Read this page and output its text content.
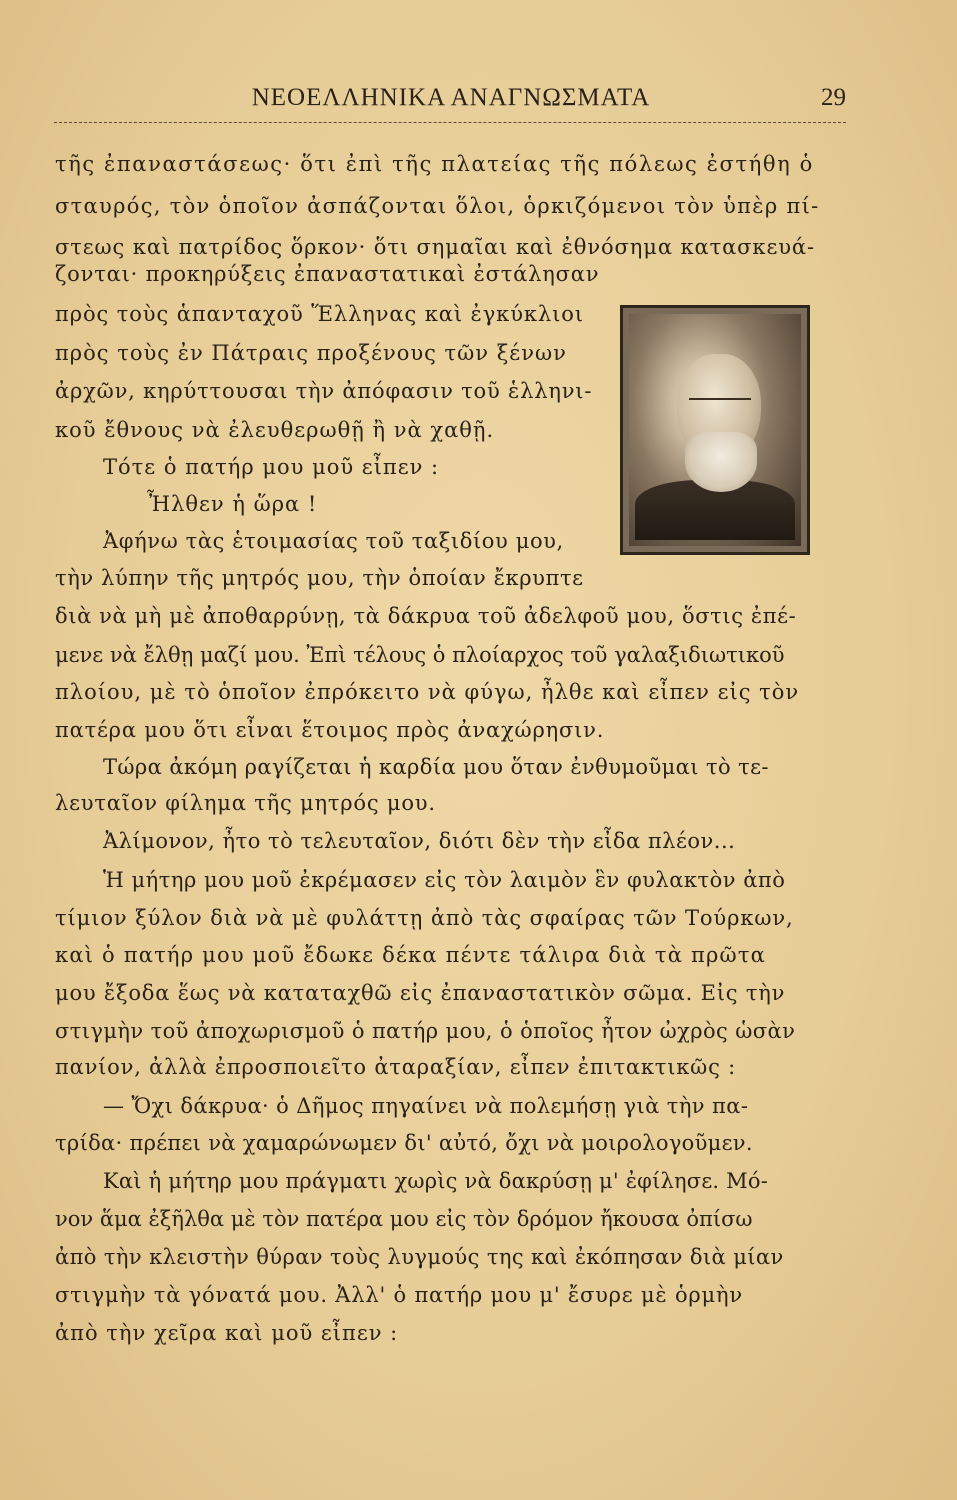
ΝΕΟΕΛΛΗΝΙΚΑ ΑΝΑΓΝΩΣΜΑΤΑ	29
τῆς ἐπαναστάσεως· ὅτι ἐπὶ τῆς πλατείας τῆς πόλεως ἐστήθη ὁ
σταυρός, τὸν ὁποῖον ἀσπάζονται ὅλοι, ὁρκιζόμενοι τὸν ὑπὲρ πί-
στεως καὶ πατρίδος ὅρκον· ὅτι σημαῖαι καὶ ἐθνόσημα κατασκευά-
ζονται· προκηρύξεις ἐπαναστατικαὶ ἐστάλησαν
πρὸς τοὺς ἁπανταχοῦ Ἕλληνας καὶ ἐγκύκλιοι
πρὸς τοὺς ἐν Πάτραις προξένους τῶν ξένων
ἀρχῶν, κηρύττουσαι τὴν ἀπόφασιν τοῦ ἑλληνι-
κοῦ ἔθνους νὰ ἐλευθερωθῇ ἢ νὰ χαθῇ.
Τότε ὁ πατήρ μου μοῦ εἶπεν :
Ἦλθεν ἡ ὥρα !
Ἀφήνω τὰς ἑτοιμασίας τοῦ ταξιδίου μου,
τὴν λύπην τῆς μητρός μου, τὴν ὁποίαν ἔκρυπτε
διὰ νὰ μὴ μὲ ἀποθαρρύνῃ, τὰ δάκρυα τοῦ ἀδελφοῦ μου, ὅστις ἐπέ-
μενε νὰ ἔλθῃ μαζί μου. Ἐπὶ τέλους ὁ πλοίαρχος τοῦ γαλαξιδιωτικοῦ
πλοίου, μὲ τὸ ὁποῖον ἐπρόκειτο νὰ φύγω, ἦλθε καὶ εἶπεν εἰς τὸν
πατέρα μου ὅτι εἶναι ἕτοιμος πρὸς ἀναχώρησιν.
Τώρα ἀκόμη ραγίζεται ἡ καρδία μου ὅταν ἐνθυμοῦμαι τὸ τε-
λευταῖον φίλημα τῆς μητρός μου.
Ἀλίμονον, ἦτο τὸ τελευταῖον, διότι δὲν τὴν εἶδα πλέον...
Ἡ μήτηρ μου μοῦ ἐκρέμασεν εἰς τὸν λαιμὸν ἓν φυλακτὸν ἀπὸ
τίμιον ξύλον διὰ νὰ μὲ φυλάττῃ ἀπὸ τὰς σφαίρας τῶν Τούρκων,
καὶ ὁ πατήρ μου μοῦ ἔδωκε δέκα πέντε τάλιρα διὰ τὰ πρῶτα
μου ἔξοδα ἕως νὰ καταταχθῶ εἰς ἐπαναστατικὸν σῶμα. Εἰς τὴν
στιγμὴν τοῦ ἀποχωρισμοῦ ὁ πατήρ μου, ὁ ὁποῖος ἦτον ὠχρὸς ὡσὰν
πανίον, ἀλλὰ ἐπροσποιεῖτο ἀταραξίαν, εἶπεν ἐπιτακτικῶς :
— Ὄχι δάκρυα· ὁ Δῆμος πηγαίνει νὰ πολεμήσῃ γιὰ τὴν πα-
τρίδα· πρέπει νὰ χαμαρώνωμεν δι' αὐτό, ὄχι νὰ μοιρολογοῦμεν.
Καὶ ἡ μήτηρ μου πράγματι χωρὶς νὰ δακρύσῃ μ' ἐφίλησε. Μό-
νον ἅμα ἐξῆλθα μὲ τὸν πατέρα μου εἰς τὸν δρόμον ἤκουσα ὀπίσω
ἀπὸ τὴν κλειστὴν θύραν τοὺς λυγμούς της καὶ ἐκόπησαν διὰ μίαν
στιγμὴν τὰ γόνατά μου. Ἀλλ' ὁ πατήρ μου μ' ἔσυρε μὲ ὁρμὴν
ἀπὸ τὴν χεῖρα καὶ μοῦ εἶπεν :
